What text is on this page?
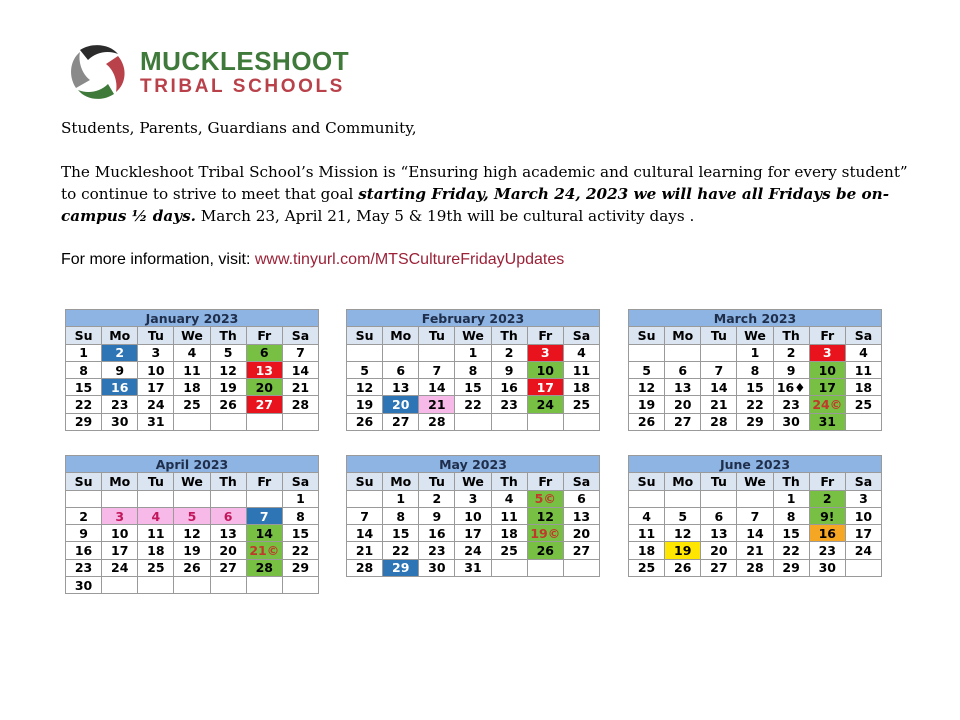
MUCKLESHOOT
TRIBAL SCHOOLS
Students, Parents, Guardians and Community,
The Muckleshoot Tribal School’s Mission is “Ensuring high academic and cultural learning for every student” to continue to strive to meet that goal starting Friday, March 24, 2023 we will have all Fridays be on-campus ½ days. March 23, April 21, May 5 & 19th will be cultural activity days .
For more information, visit: www.tinyurl.com/MTSCultureFridayUpdates
January 2023						
Su	Mo	Tu	We	Th	Fr	Sa
1	2	3	4	5	6	7
8	9	10	11	12	13	14
15	16	17	18	19	20	21
22	23	24	25	26	27	28
29	30	31				
February 2023						
Su	Mo	Tu	We	Th	Fr	Sa
			1	2	3	4
5	6	7	8	9	10	11
12	13	14	15	16	17	18
19	20	21	22	23	24	25
26	27	28				
March 2023						
Su	Mo	Tu	We	Th	Fr	Sa
			1	2	3	4
5	6	7	8	9	10	11
12	13	14	15	16♦	17	18
19	20	21	22	23	24©	25
26	27	28	29	30	31	
April 2023						
Su	Mo	Tu	We	Th	Fr	Sa
						1
2	3	4	5	6	7	8
9	10	11	12	13	14	15
16	17	18	19	20	21©	22
23	24	25	26	27	28	29
30						
May 2023						
Su	Mo	Tu	We	Th	Fr	Sa
	1	2	3	4	5©	6
7	8	9	10	11	12	13
14	15	16	17	18	19©	20
21	22	23	24	25	26	27
28	29	30	31			
June 2023						
Su	Mo	Tu	We	Th	Fr	Sa
				1	2	3
4	5	6	7	8	9!	10
11	12	13	14	15	16	17
18	19	20	21	22	23	24
25	26	27	28	29	30	
